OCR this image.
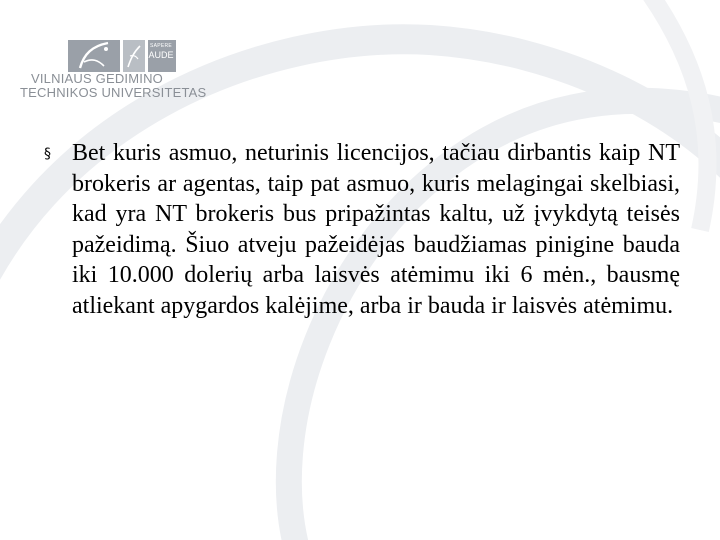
SAPERE
AUDE
VILNIAUS GEDIMINO
TECHNIKOS UNIVERSITETAS
§ Bet kuris asmuo, neturinis licencijos, tačiau dirbantis kaip NT brokeris ar agentas, taip pat asmuo, kuris melagingai skelbiasi, kad yra NT brokeris bus pripažintas kaltu, už įvykdytą teisės pažeidimą. Šiuo atveju pažeidėjas baudžiamas pinigine bauda iki 10.000 dolerių arba laisvės atėmimu iki 6 mėn., bausmę atliekant apygardos kalėjime, arba ir bauda ir laisvės atėmimu.
